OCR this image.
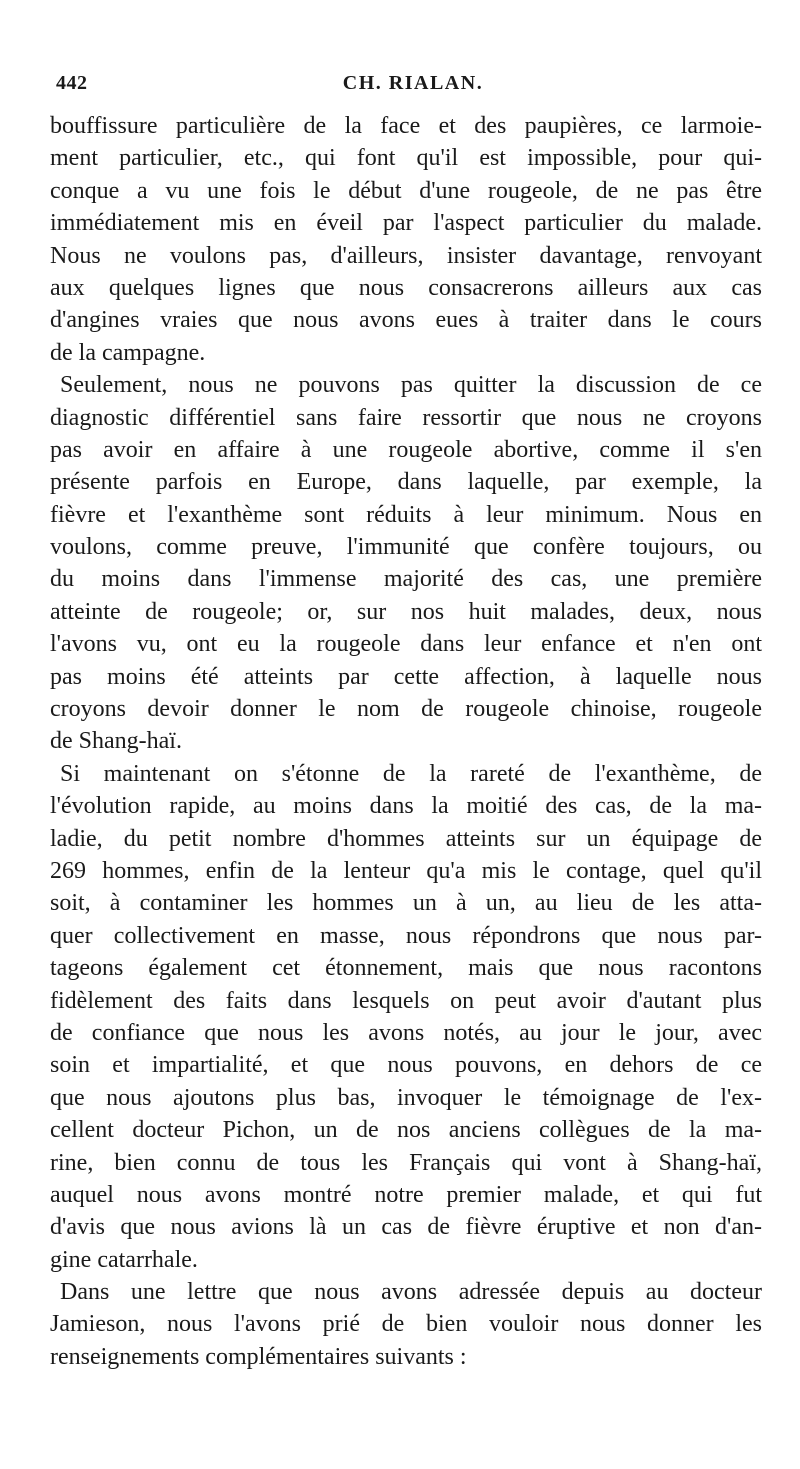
442	CH. RIALAN.
bouffissure particulière de la face et des paupières, ce larmoie-
ment particulier, etc., qui font qu'il est impossible, pour qui-
conque a vu une fois le début d'une rougeole, de ne pas être
immédiatement mis en éveil par l'aspect particulier du malade.
Nous ne voulons pas, d'ailleurs, insister davantage, renvoyant
aux quelques lignes que nous consacrerons ailleurs aux cas
d'angines vraies que nous avons eues à traiter dans le cours
de la campagne.
Seulement, nous ne pouvons pas quitter la discussion de ce
diagnostic différentiel sans faire ressortir que nous ne croyons
pas avoir en affaire à une rougeole abortive, comme il s'en
présente parfois en Europe, dans laquelle, par exemple, la
fièvre et l'exanthème sont réduits à leur minimum. Nous en
voulons, comme preuve, l'immunité que confère toujours, ou
du moins dans l'immense majorité des cas, une première
atteinte de rougeole; or, sur nos huit malades, deux, nous
l'avons vu, ont eu la rougeole dans leur enfance et n'en ont
pas moins été atteints par cette affection, à laquelle nous
croyons devoir donner le nom de rougeole chinoise, rougeole
de Shang-haï.
Si maintenant on s'étonne de la rareté de l'exanthème, de
l'évolution rapide, au moins dans la moitié des cas, de la ma-
ladie, du petit nombre d'hommes atteints sur un équipage de
269 hommes, enfin de la lenteur qu'a mis le contage, quel qu'il
soit, à contaminer les hommes un à un, au lieu de les atta-
quer collectivement en masse, nous répondrons que nous par-
tageons également cet étonnement, mais que nous racontons
fidèlement des faits dans lesquels on peut avoir d'autant plus
de confiance que nous les avons notés, au jour le jour, avec
soin et impartialité, et que nous pouvons, en dehors de ce
que nous ajoutons plus bas, invoquer le témoignage de l'ex-
cellent docteur Pichon, un de nos anciens collègues de la ma-
rine, bien connu de tous les Français qui vont à Shang-haï,
auquel nous avons montré notre premier malade, et qui fut
d'avis que nous avions là un cas de fièvre éruptive et non d'an-
gine catarrhale.
Dans une lettre que nous avons adressée depuis au docteur
Jamieson, nous l'avons prié de bien vouloir nous donner les
renseignements complémentaires suivants :
